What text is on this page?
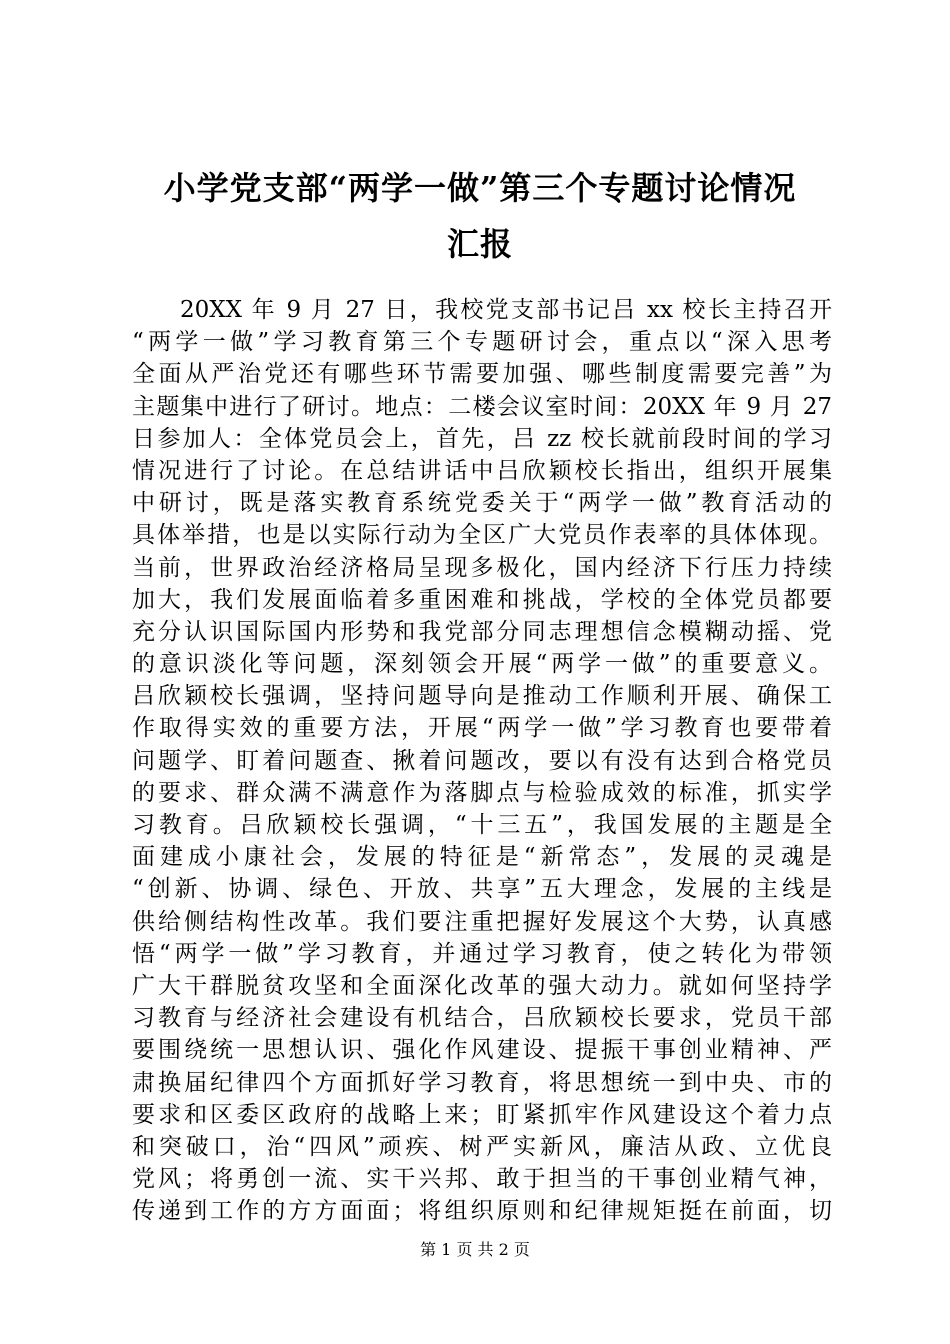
小学党支部“两学一做”第三个专题讨论情况
汇报
20XX 年 9 月 27 日，我校党支部书记吕 xx 校长主持召开
“两学一做”学习教育第三个专题研讨会，重点以“深入思考
全面从严治党还有哪些环节需要加强、哪些制度需要完善”为
主题集中进行了研讨。地点：二楼会议室时间：20XX 年 9 月 27
日参加人：全体党员会上，首先，吕 zz 校长就前段时间的学习
情况进行了讨论。在总结讲话中吕欣颖校长指出，组织开展集
中研讨，既是落实教育系统党委关于“两学一做”教育活动的
具体举措，也是以实际行动为全区广大党员作表率的具体体现。
当前，世界政治经济格局呈现多极化，国内经济下行压力持续
加大，我们发展面临着多重困难和挑战，学校的全体党员都要
充分认识国际国内形势和我党部分同志理想信念模糊动摇、党
的意识淡化等问题，深刻领会开展“两学一做”的重要意义。
吕欣颖校长强调，坚持问题导向是推动工作顺利开展、确保工
作取得实效的重要方法，开展“两学一做”学习教育也要带着
问题学、盯着问题查、揪着问题改，要以有没有达到合格党员
的要求、群众满不满意作为落脚点与检验成效的标准，抓实学
习教育。吕欣颖校长强调，“十三五”，我国发展的主题是全
面建成小康社会，发展的特征是“新常态”，发展的灵魂是
“创新、协调、绿色、开放、共享”五大理念，发展的主线是
供给侧结构性改革。我们要注重把握好发展这个大势，认真感
悟“两学一做”学习教育，并通过学习教育，使之转化为带领
广大干群脱贫攻坚和全面深化改革的强大动力。就如何坚持学
习教育与经济社会建设有机结合，吕欣颖校长要求，党员干部
要围绕统一思想认识、强化作风建设、提振干事创业精神、严
肃换届纪律四个方面抓好学习教育，将思想统一到中央、市的
要求和区委区政府的战略上来；盯紧抓牢作风建设这个着力点
和突破口，治“四风”顽疾、树严实新风，廉洁从政、立优良
党风；将勇创一流、实干兴邦、敢于担当的干事创业精气神，
传递到工作的方方面面；将组织原则和纪律规矩挺在前面，切
第 1 页 共 2 页
